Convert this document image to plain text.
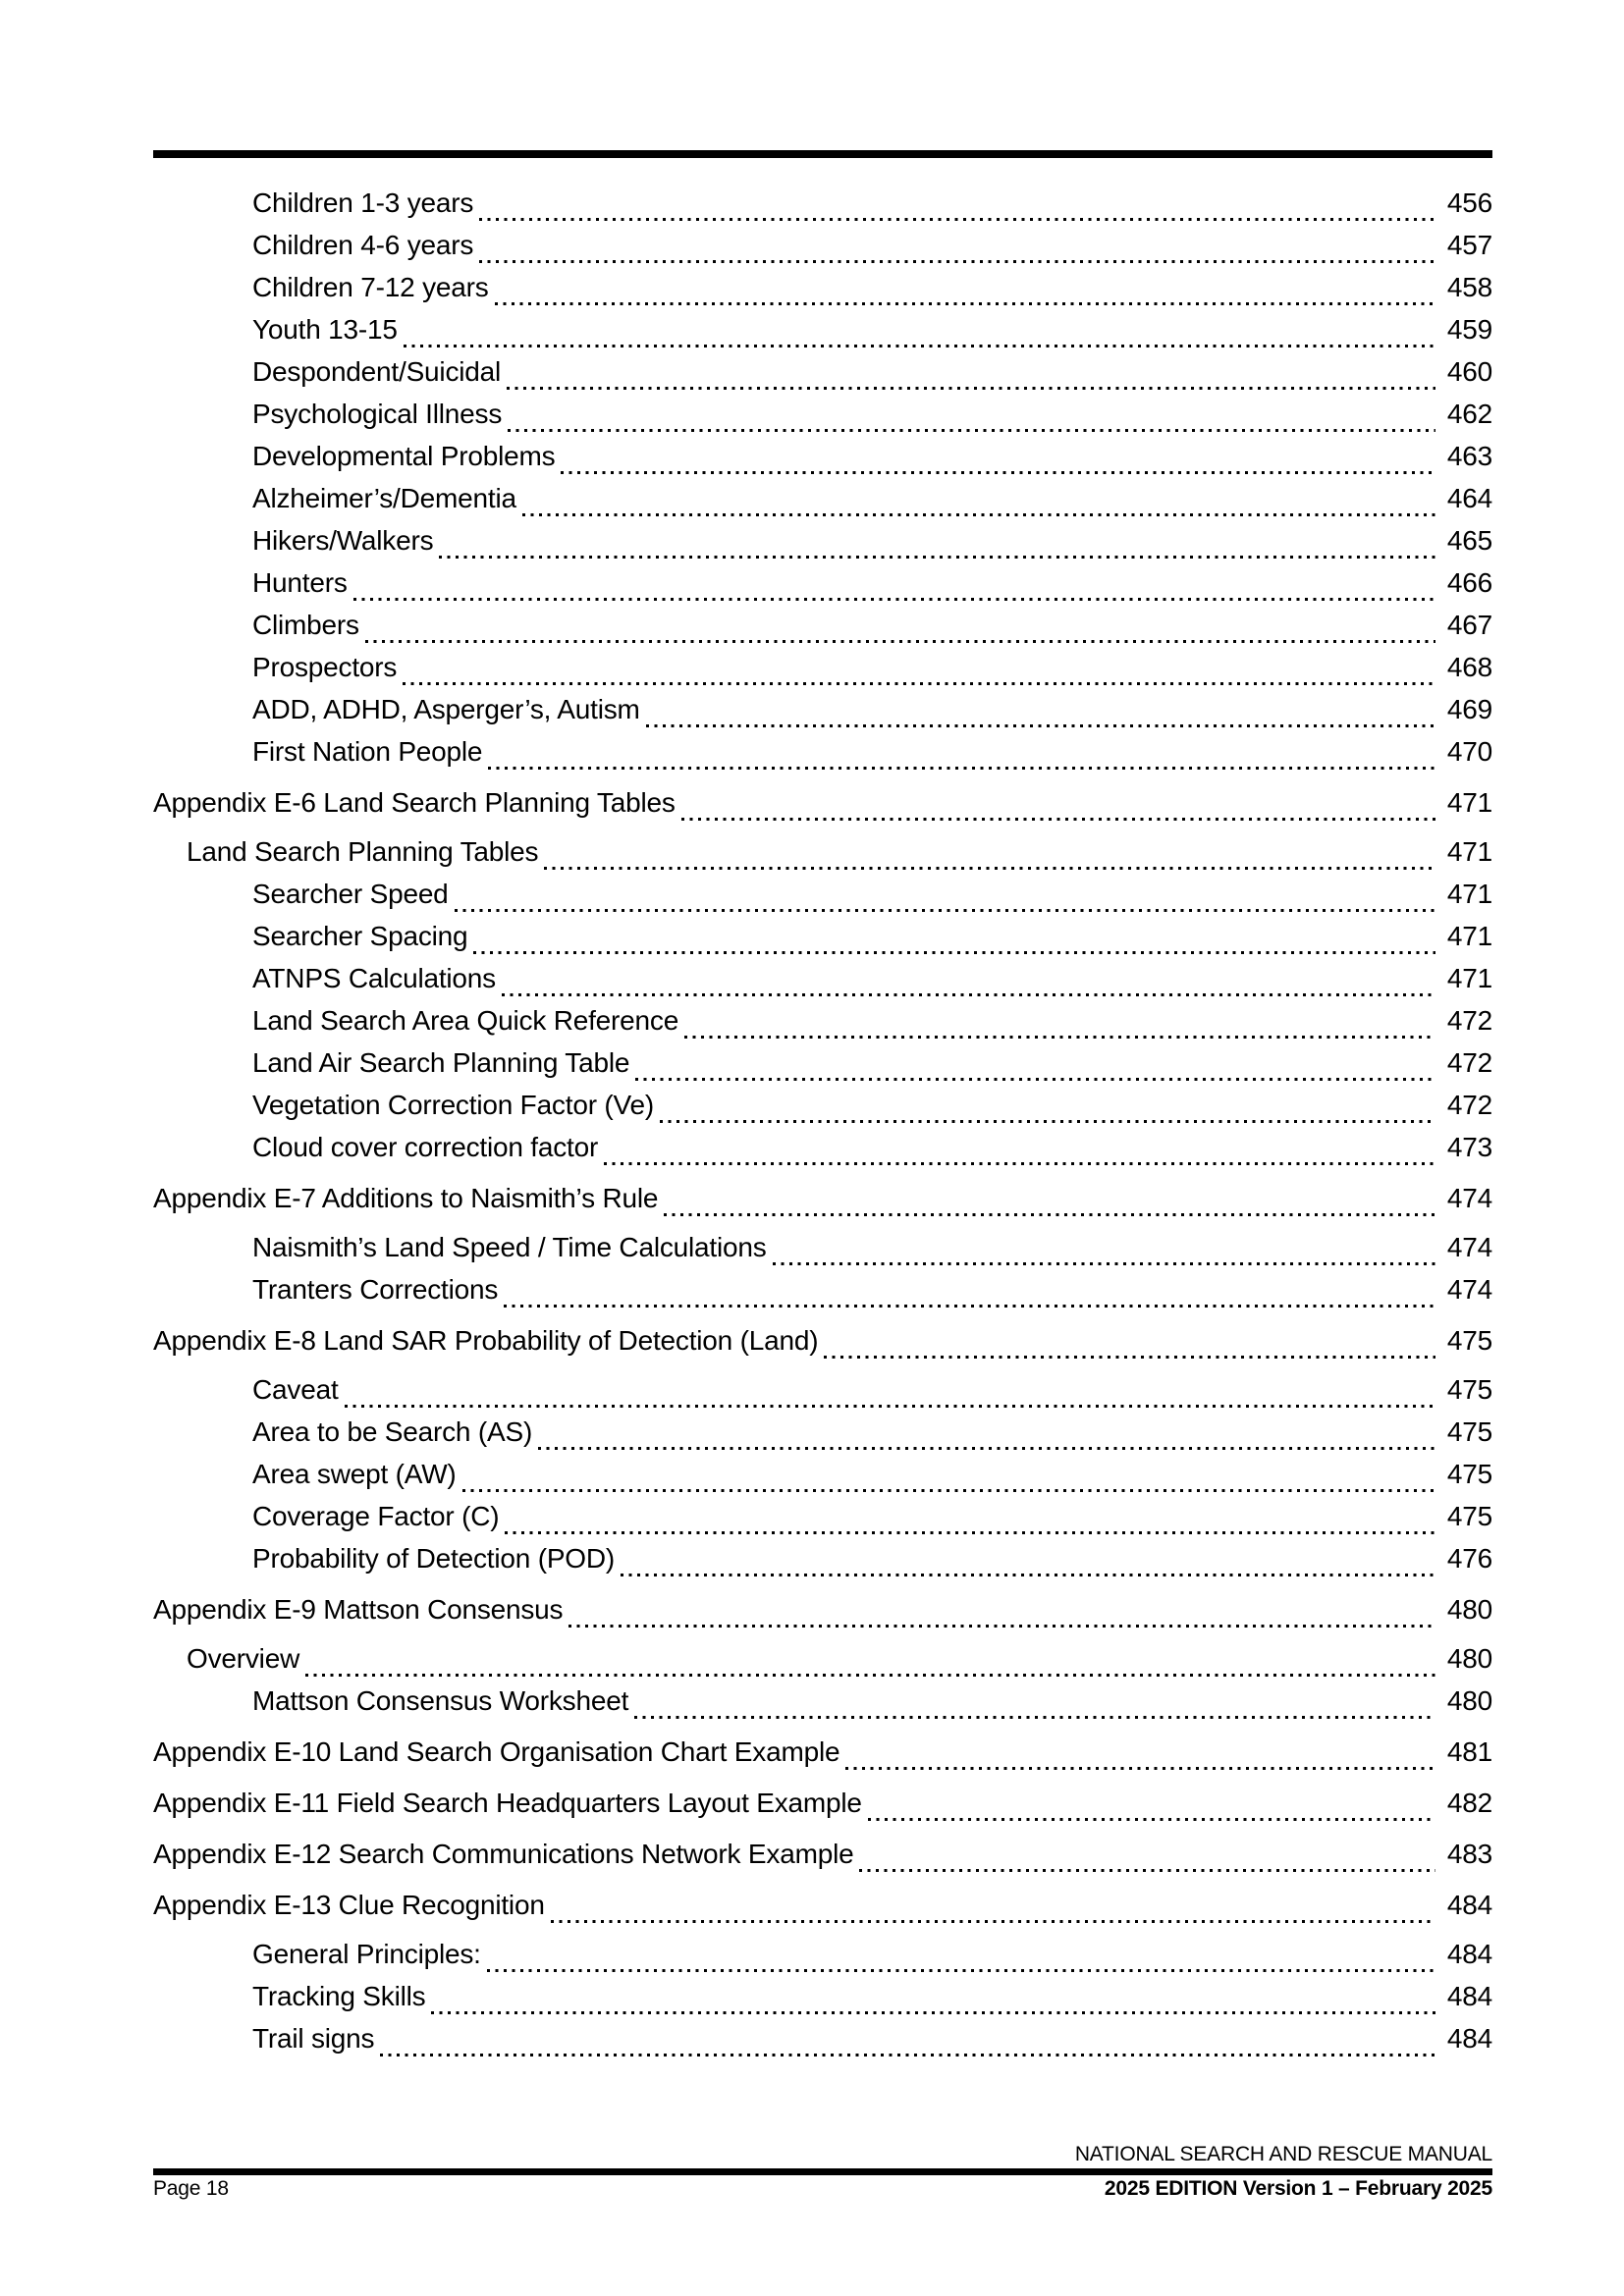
Children 1-3 years	456
Children 4-6 years	457
Children 7-12 years	458
Youth 13-15	459
Despondent/Suicidal	460
Psychological Illness	462
Developmental Problems	463
Alzheimer’s/Dementia	464
Hikers/Walkers	465
Hunters	466
Climbers	467
Prospectors	468
ADD, ADHD, Asperger’s, Autism	469
First Nation People	470
Appendix E-6 Land Search Planning Tables	471
Land Search Planning Tables	471
Searcher Speed	471
Searcher Spacing	471
ATNPS Calculations	471
Land Search Area Quick Reference	472
Land Air Search Planning Table	472
Vegetation Correction Factor (Ve)	472
Cloud cover correction factor	473
Appendix E-7 Additions to Naismith’s Rule	474
Naismith’s Land Speed / Time Calculations	474
Tranters Corrections	474
Appendix E-8 Land SAR Probability of Detection (Land)	475
Caveat	475
Area to be Search (AS)	475
Area swept (AW)	475
Coverage Factor (C)	475
Probability of Detection (POD)	476
Appendix E-9 Mattson Consensus	480
Overview	480
Mattson Consensus Worksheet	480
Appendix E-10 Land Search Organisation Chart Example	481
Appendix E-11 Field Search Headquarters Layout Example	482
Appendix E-12 Search Communications Network Example	483
Appendix E-13 Clue Recognition	484
General Principles:	484
Tracking Skills	484
Trail signs	484
NATIONAL SEARCH AND RESCUE MANUAL
Page 18	2025 EDITION Version 1 – February 2025
